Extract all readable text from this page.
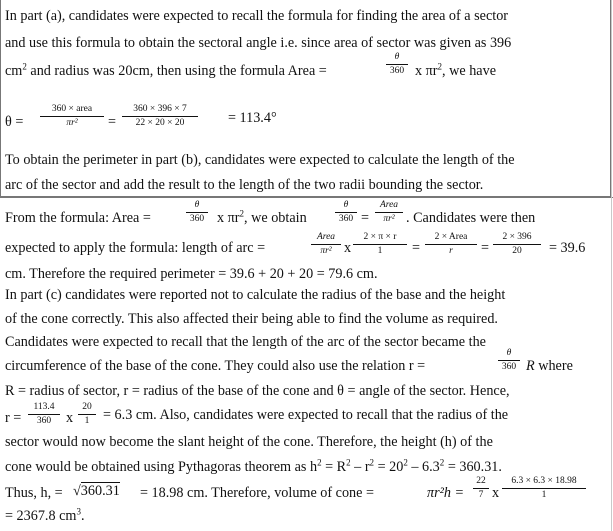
In part (a), candidates were expected to recall the formula for finding the area of a sector
and use this formula to obtain the sectoral angle i.e. since area of sector was given as 396
$cm^2$ and radius was 20cm, then using the formula Area =
θ
360 x $\pi r^2$, we have
θ =
360 × area
πr²	=
360 × 396 × 7
22 × 20 × 20	= 113.4°
To obtain the perimeter in part (b), candidates were expected to calculate the length of the
arc of the sector and add the result to the length of the two radii bounding the sector.
From the formula: Area =
θ
360 x $\pi r^2$, we obtain
θ
360 =
Area
πr² . Candidates were then
expected to apply the formula: length of arc =
Area
πr² x
2 × π × r
1	=
2 × Area
r	=
2 × 396
20	= 39.6
cm. Therefore the required perimeter = 39.6 + 20 + 20 = 79.6 cm.
In part (c) candidates were reported not to calculate the radius of the base and the height
of the cone correctly. This also affected their being able to find the volume as required.
Candidates were expected to recall that the length of the arc of the sector became the
circumference of the base of the cone. They could also use the relation r =
θ
360 R where
R = radius of sector, r = radius of the base of the cone and θ = angle of the sector. Hence,
r =
113.4
360	x
20
1 = 6.3 cm. Also, candidates were expected to recall that the radius of the
sector would now become the slant height of the cone. Therefore, the height (h) of the
cone would be obtained using Pythagoras theorem as $h^2 = R^2 - r^2 = 20^2 - 6.3^2 = 360.31$.
Thus, h, = √360.31 = 18.98 cm. Therefore, volume of cone =	πr²h =
22
7 x
6.3 × 6.3 × 18.98
1
= 2367.8 $cm^3$.
